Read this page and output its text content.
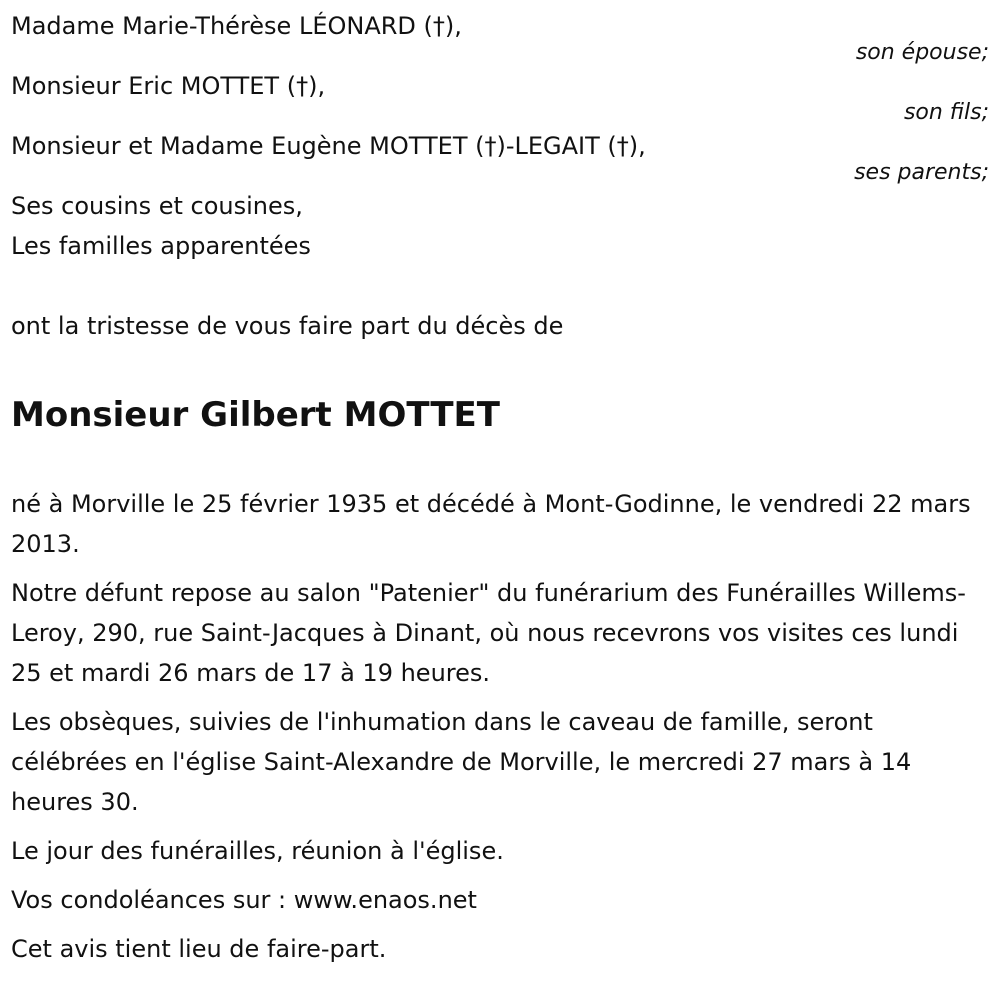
Madame Marie-Thérèse LÉONARD (†),
son épouse;
Monsieur Eric MOTTET (†),
son fils;
Monsieur et Madame Eugène MOTTET (†)-LEGAIT (†),
ses parents;
Ses cousins et cousines,
Les familles apparentées
ont la tristesse de vous faire part du décès de
Monsieur Gilbert MOTTET
né à Morville le 25 février 1935 et décédé à Mont-Godinne, le vendredi 22 mars 2013.
Notre défunt repose au salon "Patenier" du funérarium des Funérailles Willems-Leroy, 290, rue Saint-Jacques à Dinant, où nous recevrons vos visites ces lundi 25 et mardi 26 mars de 17 à 19 heures.
Les obsèques, suivies de l'inhumation dans le caveau de famille, seront célébrées en l'église Saint-Alexandre de Morville, le mercredi 27 mars à 14 heures 30.
Le jour des funérailles, réunion à l'église.
Vos condoléances sur : www.enaos.net
Cet avis tient lieu de faire-part.
